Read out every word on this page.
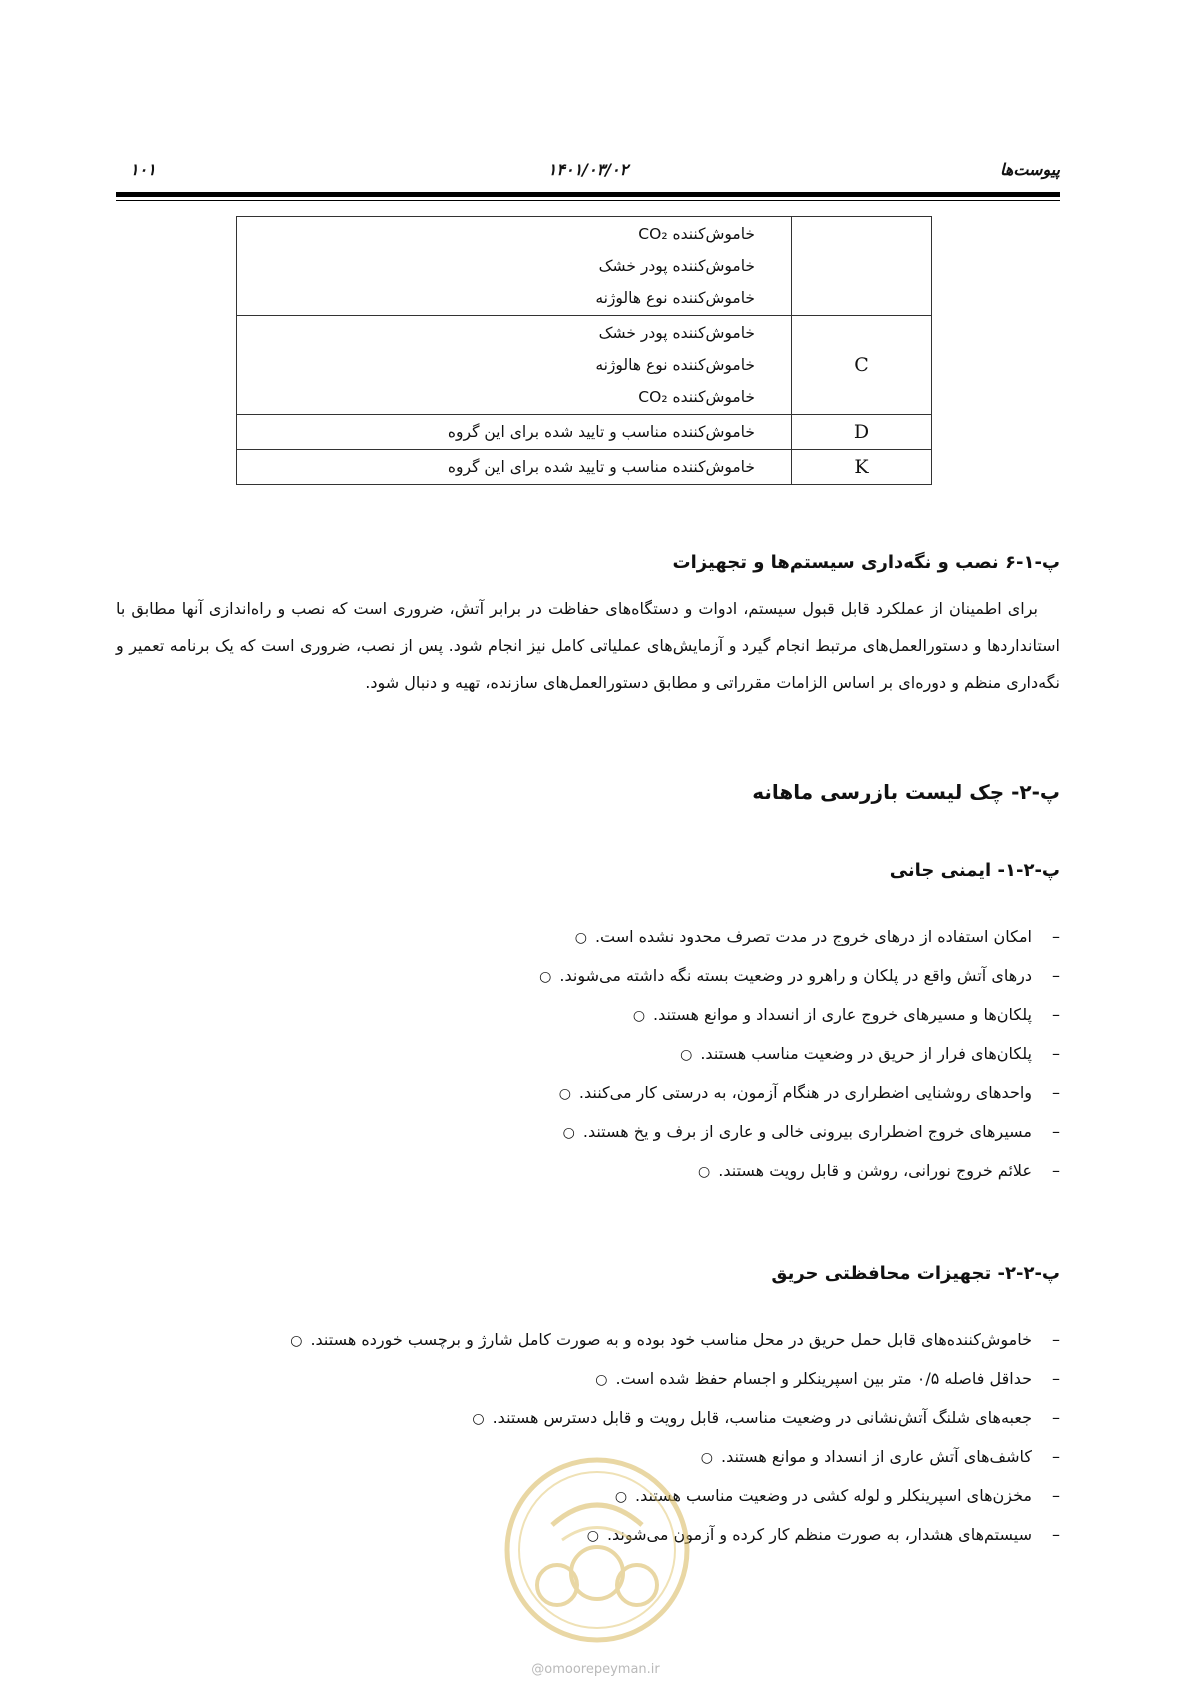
۱۰۱	۱۴۰۱/۰۳/۰۲	پیوست‌ها

	خاموش‌کننده CO₂
خاموش‌کننده پودر خشک
خاموش‌کننده نوع هالوژنه

C	خاموش‌کننده پودر خشک
خاموش‌کننده نوع هالوژنه
خاموش‌کننده CO₂

D	خاموش‌کننده مناسب و تایید شده برای این گروه

K	خاموش‌کننده مناسب و تایید شده برای این گروه
پ-۱-۶ نصب و نگه‌داری سیستم‌ها و تجهیزات
برای اطمینان از عملکرد قابل قبول سیستم، ادوات و دستگاه‌های حفاظت در برابر آتش، ضروری است که نصب و راه‌اندازی آنها مطابق با استانداردها و دستورالعمل‌های مرتبط انجام گیرد و آزمایش‌های عملیاتی کامل نیز انجام شود. پس از نصب، ضروری است که یک برنامه تعمیر و نگه‌داری منظم و دوره‌ای بر اساس الزامات مقرراتی و مطابق دستورالعمل‌های سازنده، تهیه و دنبال شود.
پ-۲- چک لیست بازرسی ماهانه
پ-۲-۱- ایمنی جانی
–امکان استفاده از درهای خروج در مدت تصرف محدود نشده است.○
–درهای آتش واقع در پلکان و راهرو در وضعیت بسته نگه داشته می‌شوند.○
–پلکان‌ها و مسیرهای خروج عاری از انسداد و موانع هستند.○
–پلکان‌های فرار از حریق در وضعیت مناسب هستند.○
–واحدهای روشنایی اضطراری در هنگام آزمون، به درستی کار می‌کنند.○
–مسیرهای خروج اضطراری بیرونی خالی و عاری از برف و یخ هستند.○
–علائم خروج نورانی، روشن و قابل رویت هستند.○
پ-۲-۲- تجهیزات محافظتی حریق
–خاموش‌کننده‌های قابل حمل حریق در محل مناسب خود بوده و به صورت کامل شارژ و برچسب خورده هستند.○
–حداقل فاصله ۰/۵ متر بین اسپرینکلر و اجسام حفظ شده است.○
–جعبه‌های شلنگ آتش‌نشانی در وضعیت مناسب، قابل رویت و قابل دسترس هستند.○
–کاشف‌های آتش عاری از انسداد و موانع هستند.○
–مخزن‌های اسپرینکلر و لوله کشی در وضعیت مناسب هستند.○
–سیستم‌های هشدار، به صورت منظم کار کرده و آزمون می‌شوند.○
@omoorepeyman.ir
